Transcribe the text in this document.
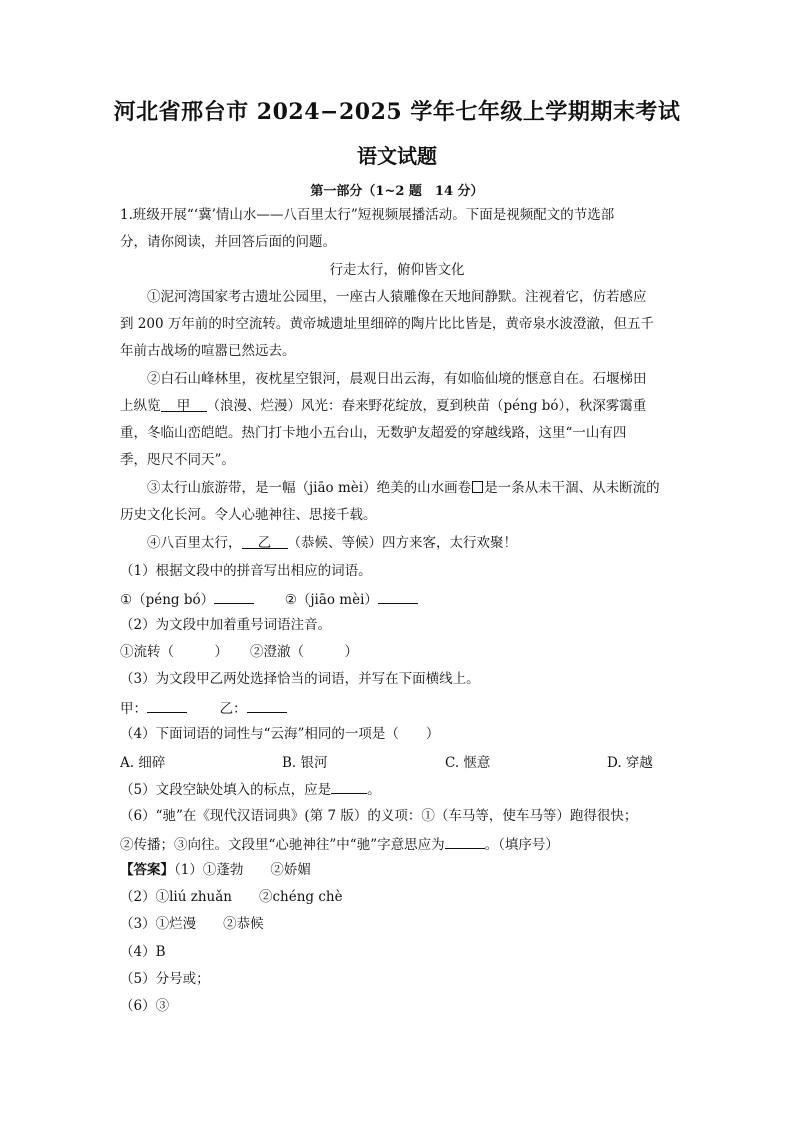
河北省邢台市 2024−2025 学年七年级上学期期末考试
语文试题
第一部分（1~2 题　14 分）
1.班级开展“‘冀’情山水——八百里太行”短视频展播活动。下面是视频配文的节选部
分，请你阅读，并回答后面的问题。
行走太行，俯仰皆文化
①泥河湾国家考古遗址公园里，一座古人猿雕像在天地间静默。注视着它，仿若感应
到 200 万年前的时空流转。黄帝城遗址里细碎的陶片比比皆是，黄帝泉水波澄澈，但五千
年前古战场的喧嚣已然远去。
②白石山峰林里，夜枕星空银河，晨观日出云海，有如临仙境的惬意自在。石堰梯田
上纵览 甲 （浪漫、烂漫）风光：春来野花绽放，夏到秧苗（péng bó），秋深雾霭重
重，冬临山峦皑皑。热门打卡地小五台山，无数驴友超爱的穿越线路，这里“一山有四
季，咫尺不同天”。
③太行山旅游带，是一幅（jiāo mèi）绝美的山水画卷 是一条从未干涸、从未断流的
历史文化长河。令人心驰神往、思接千载。
④八百里太行， 乙 （恭候、等候）四方来客，太行欢聚！
（1）根据文段中的拼音写出相应的词语。
①（péng bó）	②（jiāo mèi）
（2）为文段中加着重号词语注音。
①流转（　　　） ②澄澈（　　　）
（3）为文段甲乙两处选择恰当的词语，并写在下面横线上。
甲：	乙：
（4）下面词语的词性与“云海”相同的一项是（　　）
A. 细碎	B. 银河	C. 惬意	D. 穿越
（5）文段空缺处填入的标点，应是	。
（6）“驰”在《现代汉语词典》(第 7 版）的义项：①（车马等，使车马等）跑得很快；
②传播；③向往。文段里“心驰神往”中“驰”字意思应为	。（填序号）
【答案】（1）①蓬勃　　②娇媚
（2）①liú zhuǎn　　②chéng chè
（3）①烂漫　　②恭候
（4）B
（5）分号或；
（6）③
